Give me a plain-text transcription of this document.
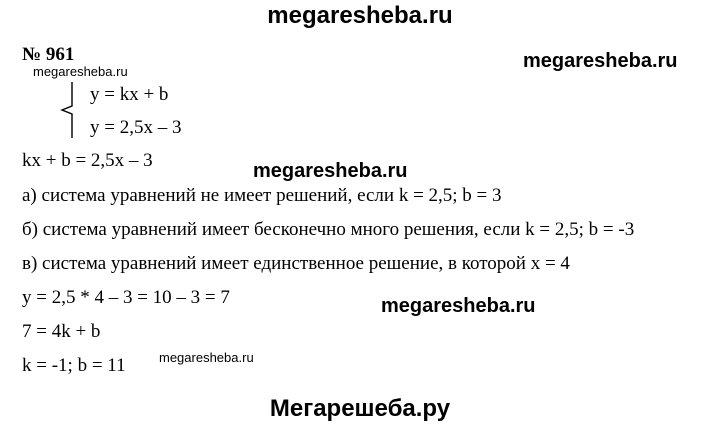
megaresheba.ru
№ 961	megaresheba.ru
megaresheba.ru
y = kx + b
y = 2,5x – 3
kx + b = 2,5x – 3	megaresheba.ru
а) система уравнений не имеет решений, если k = 2,5; b = 3
б) система уравнений имеет бесконечно много решения, если k = 2,5; b = -3
в) система уравнений имеет единственное решение, в которой x = 4
y = 2,5 * 4 – 3 = 10 – 3 = 7	megaresheba.ru
7 = 4k + b
k = -1; b = 11	megaresheba.ru
Мегарешеба.ру
